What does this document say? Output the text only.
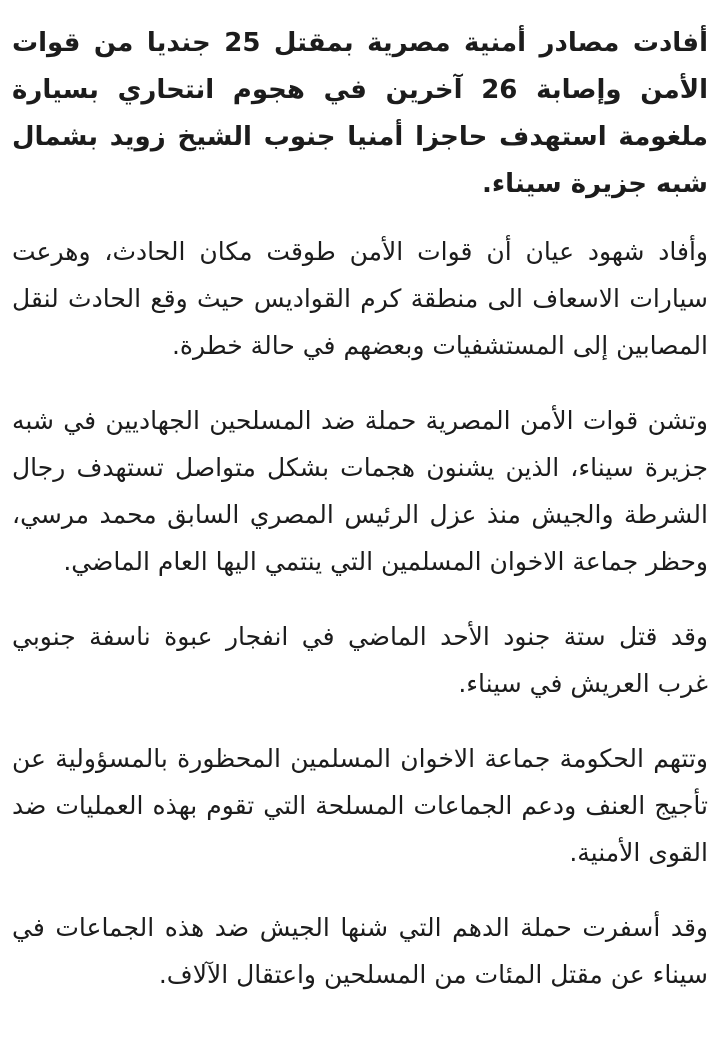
أفادت مصادر أمنية مصرية بمقتل 25 جنديا من قوات الأمن وإصابة 26 آخرين في هجوم انتحاري بسيارة ملغومة استهدف حاجزا أمنيا جنوب الشيخ زويد بشمال شبه جزيرة سيناء.

وأفاد شهود عيان أن قوات الأمن طوقت مكان الحادث، وهرعت سيارات الاسعاف الى منطقة كرم القواديس حيث وقع الحادث لنقل المصابين إلى المستشفيات وبعضهم في حالة خطرة.

وتشن قوات الأمن المصرية حملة ضد المسلحين الجهاديين في شبه جزيرة سيناء، الذين يشنون هجمات بشكل متواصل تستهدف رجال الشرطة والجيش منذ عزل الرئيس المصري السابق محمد مرسي، وحظر جماعة الاخوان المسلمين التي ينتمي اليها العام الماضي.

وقد قتل ستة جنود الأحد الماضي في انفجار عبوة ناسفة جنوبي غرب العريش في سيناء.

وتتهم الحكومة جماعة الاخوان المسلمين المحظورة بالمسؤولية عن تأجيج العنف ودعم الجماعات المسلحة التي تقوم بهذه العمليات ضد القوى الأمنية.

وقد أسفرت حملة الدهم التي شنها الجيش ضد هذه الجماعات في سيناء عن مقتل المئات من المسلحين واعتقال الآلاف.
